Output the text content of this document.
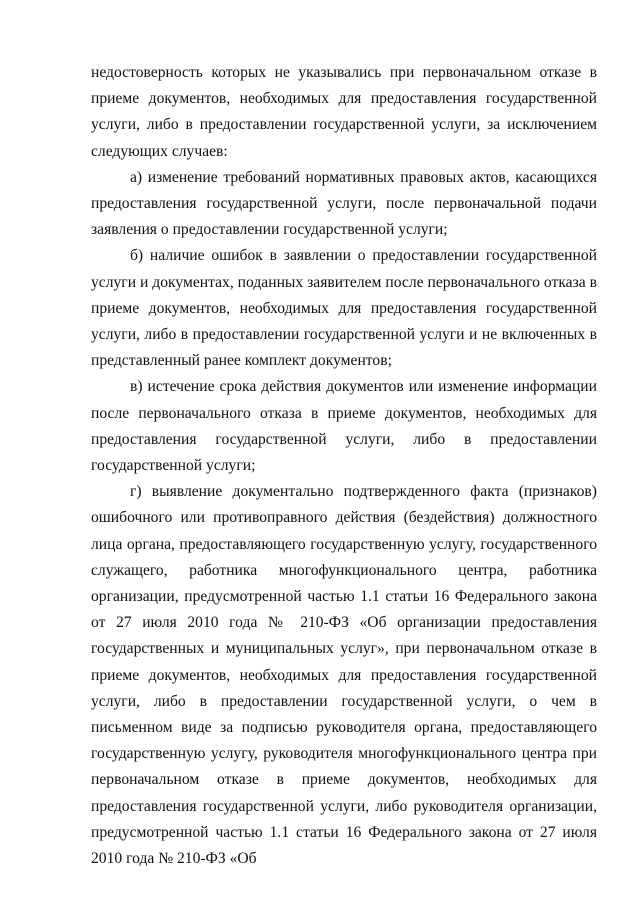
недостоверность которых не указывались при первоначальном отказе в приеме документов, необходимых для предоставления государственной услуги, либо в предоставлении государственной услуги, за исключением следующих случаев:

а) изменение требований нормативных правовых актов, касающихся предоставления государственной услуги, после первоначальной подачи заявления о предоставлении государственной услуги;

б) наличие ошибок в заявлении о предоставлении государственной услуги и документах, поданных заявителем после первоначального отказа в приеме документов, необходимых для предоставления государственной услуги, либо в предоставлении государственной услуги и не включенных в представленный ранее комплект документов;

в) истечение срока действия документов или изменение информации после первоначального отказа в приеме документов, необходимых для предоставления государственной услуги, либо в предоставлении государственной услуги;

г) выявление документально подтвержденного факта (признаков) ошибочного или противоправного действия (бездействия) должностного лица органа, предоставляющего государственную услугу, государственного служащего, работника многофункционального центра, работника организации, предусмотренной частью 1.1 статьи 16 Федерального закона от 27 июля 2010 года № 210-ФЗ «Об организации предоставления государственных и муниципальных услуг», при первоначальном отказе в приеме документов, необходимых для предоставления государственной услуги, либо в предоставлении государственной услуги, о чем в письменном виде за подписью руководителя органа, предоставляющего государственную услугу, руководителя многофункционального центра при первоначальном отказе в приеме документов, необходимых для предоставления государственной услуги, либо руководителя организации, предусмотренной частью 1.1 статьи 16 Федерального закона от 27 июля 2010 года № 210-ФЗ «Об
